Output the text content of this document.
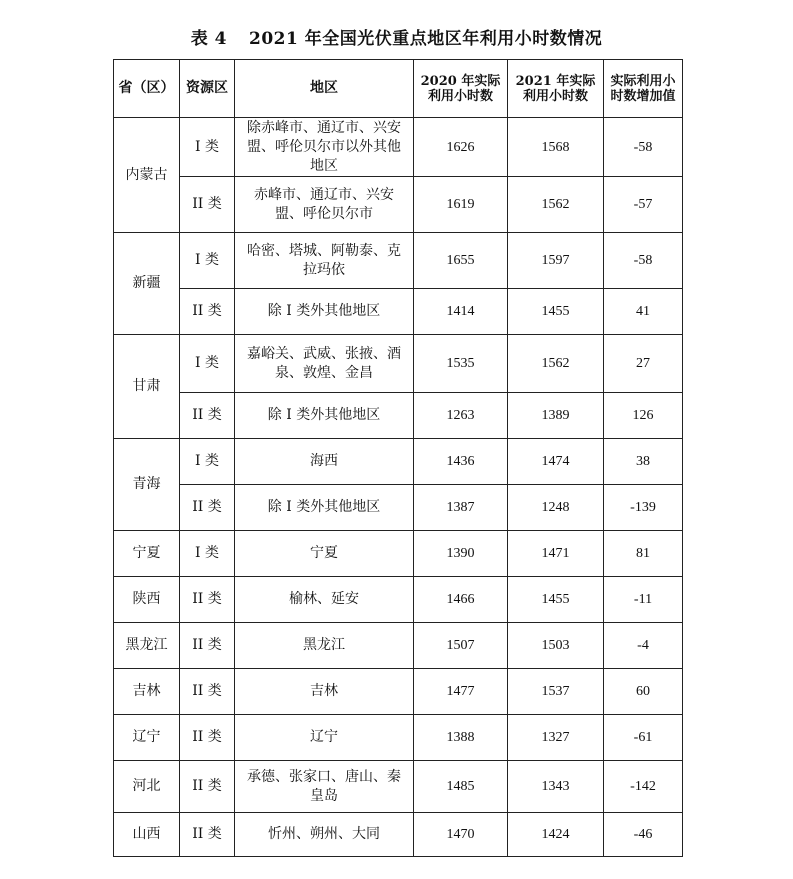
表 4 2021 年全国光伏重点地区年利用小时数情况
省（区）	资源区	地区	2020 年实际利用小时数	2021 年实际利用小时数	实际利用小时数增加值
内蒙古	I 类	除赤峰市、通辽市、兴安盟、呼伦贝尔市以外其他地区	1626	1568	-58
	II 类	赤峰市、通辽市、兴安盟、呼伦贝尔市	1619	1562	-57
新疆	I 类	哈密、塔城、阿勒泰、克拉玛依	1655	1597	-58
	II 类	除 I 类外其他地区	1414	1455	41
甘肃	I 类	嘉峪关、武威、张掖、酒泉、敦煌、金昌	1535	1562	27
	II 类	除 I 类外其他地区	1263	1389	126
青海	I 类	海西	1436	1474	38
	II 类	除 I 类外其他地区	1387	1248	-139
宁夏	I 类	宁夏	1390	1471	81
陕西	II 类	榆林、延安	1466	1455	-11
黑龙江	II 类	黑龙江	1507	1503	-4
吉林	II 类	吉林	1477	1537	60
辽宁	II 类	辽宁	1388	1327	-61
河北	II 类	承德、张家口、唐山、秦皇岛	1485	1343	-142
山西	II 类	忻州、朔州、大同	1470	1424	-46
